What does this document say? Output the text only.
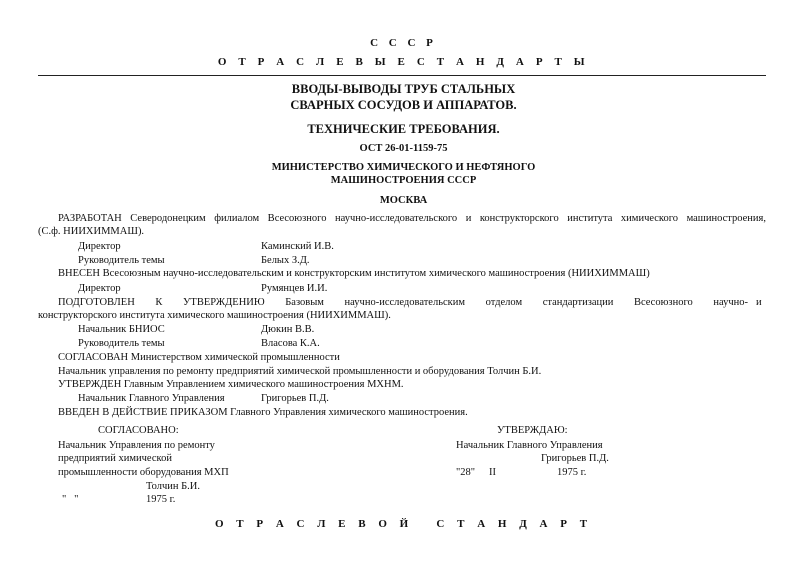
С С С Р
О Т Р А С Л Е В Ы Е С Т А Н Д А Р Т Ы
ВВОДЫ-ВЫВОДЫ ТРУБ СТАЛЬНЫХ
СВАРНЫХ СОСУДОВ И АППАРАТОВ.
ТЕХНИЧЕСКИЕ ТРЕБОВАНИЯ.
ОСТ 26-01-1159-75
МИНИСТЕРСТВО ХИМИЧЕСКОГО И НЕФТЯНОГО
МАШИНОСТРОЕНИЯ СССР
МОСКВА
РАЗРАБОТАН Северодонецким филиалом Всесоюзного научно-исследовательского и конструкторского института химического машиностроения,
(С.ф. НИИХИММАШ).
Директор	Каминский И.В.
Руководитель темы	Белых З.Д.
ВНЕСЕН Всесоюзным научно-исследовательским и конструкторским институтом химического машиностроения (НИИХИММАШ)
Директор	Румянцев И.И.
ПОДГОТОВЛЕН К УТВЕРЖДЕНИЮ Базовым научно-исследовательским отделом стандартизации Всесоюзного научно- и
конструкторского института химического машиностроения (НИИХИММАШ).
Начальник БНИОС	Дюкин В.В.
Руководитель темы	Власова К.А.
СОГЛАСОВАН Министерством химической промышленности
Начальник управления по ремонту предприятий химической промышленности и оборудования Толчин Б.И.
УТВЕРЖДЕН Главным Управлением химического машиностроения МХНМ.
Начальник Главного Управления	Григорьев П.Д.
ВВЕДЕН В ДЕЙСТВИЕ ПРИКАЗОМ Главного Управления химического машиностроения.
СОГЛАСОВАНО:
Начальник Управления по ремонту
предприятий химической
промышленности оборудования МХП
Толчин Б.И.
"   "	1975 г.
УТВЕРЖДАЮ:
Начальник Главного Управления
Григорьев П.Д.
"28" II	1975 г.
О Т Р А С Л Е В О Й   С Т А Н Д А Р Т
